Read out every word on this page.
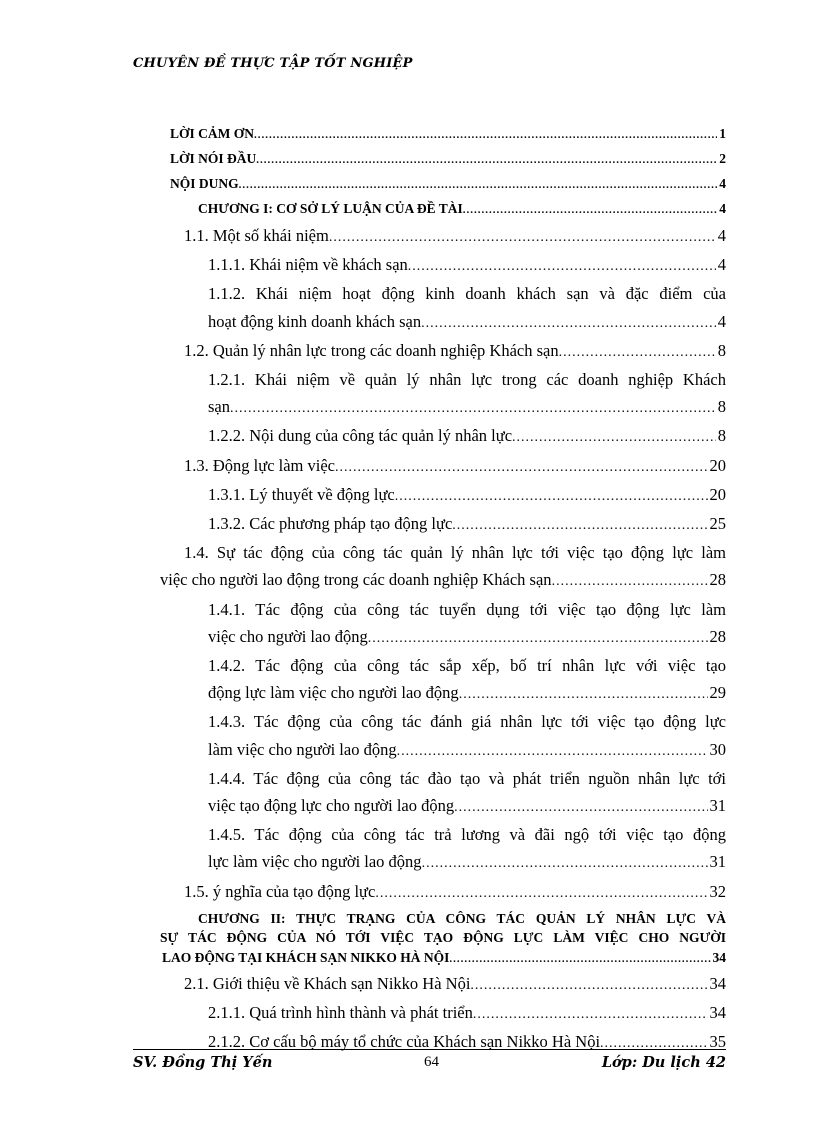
CHUYÊN ĐỀ THỰC TẬP TỐT NGHIỆP
LỜI CẢM ƠN .....	1
LỜI NÓI ĐẦU .....	2
NỘI DUNG .....	4
CHƯƠNG I: CƠ SỞ LÝ LUẬN CỦA ĐỀ TÀI .....	4
1.1. Một số khái niệm .....	4
1.1.1. Khái niệm về khách sạn .....	4
1.1.2. Khái niệm hoạt động kinh doanh khách sạn và đặc điểm của
hoạt động kinh doanh khách sạn .....	4
1.2. Quản lý nhân lực trong các doanh nghiệp Khách sạn .....	8
1.2.1. Khái niệm về quản lý nhân lực trong các doanh nghiệp Khách
sạn .....	8
1.2.2. Nội dung của công tác quản lý nhân lực .....	8
1.3. Động lực làm việc .....	20
1.3.1. Lý thuyết về động lực .....	20
1.3.2. Các phương pháp tạo động lực .....	25
1.4. Sự tác động của công tác quản lý nhân lực tới việc tạo động lực làm
việc cho người lao động trong các doanh nghiệp Khách sạn .....	28
1.4.1. Tác động của công tác tuyển dụng tới việc tạo động lực làm
việc cho người lao động .....	28
1.4.2. Tác động của công tác sắp xếp, bố trí nhân lực với việc tạo
động lực làm việc cho người lao động .....	29
1.4.3. Tác động của công tác đánh giá nhân lực tới việc tạo động lực
làm việc cho người lao động .....	30
1.4.4. Tác động của công tác đào tạo và phát triển nguồn nhân lực tới
việc tạo động lực cho người lao động .....	31
1.4.5. Tác động của công tác trả lương và đãi ngộ tới việc tạo động
lực làm việc cho người lao động .....	31
1.5. ý nghĩa của tạo động lực .....	32
CHƯƠNG II: THỰC TRẠNG CỦA CÔNG TÁC QUẢN LÝ NHÂN LỰC VÀ
SỰ TÁC ĐỘNG CỦA NÓ TỚI VIỆC TẠO ĐỘNG LỰC LÀM VIỆC CHO NGƯỜI
LAO ĐỘNG TẠI KHÁCH SẠN NIKKO HÀ NỘI .....	34
2.1. Giới thiệu về Khách sạn Nikko Hà Nội .....	34
2.1.1. Quá trình hình thành và phát triển .....	34
2.1.2. Cơ cấu bộ máy tổ chức của Khách sạn Nikko Hà Nội .....	35
SV. Đồng Thị Yến	64	Lớp: Du lịch 42
